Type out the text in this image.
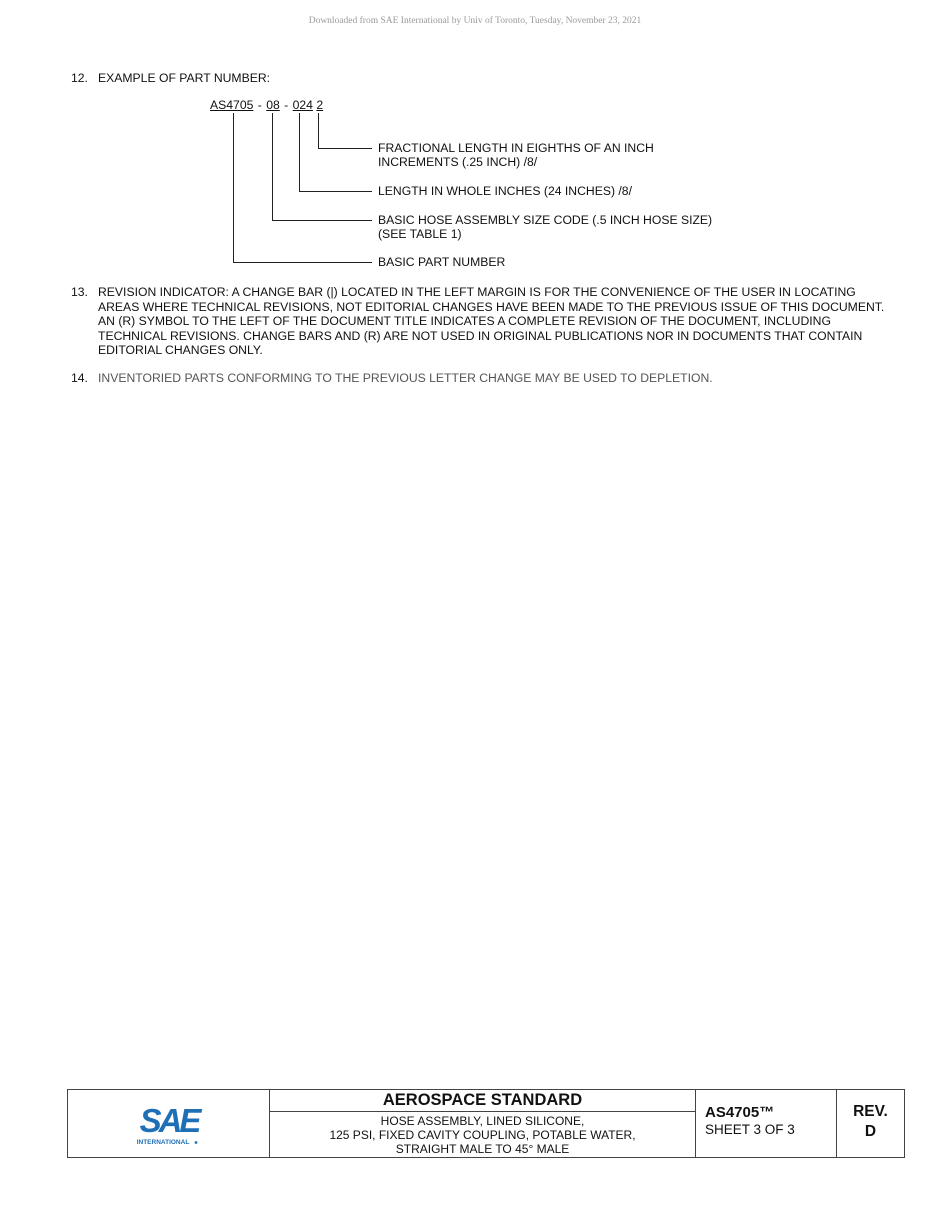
Downloaded from SAE International by Univ of Toronto, Tuesday, November 23, 2021
12. EXAMPLE OF PART NUMBER:
AS4705 - 08 - 024 2
FRACTIONAL LENGTH IN EIGHTHS OF AN INCH
INCREMENTS (.25 INCH) /8/
LENGTH IN WHOLE INCHES (24 INCHES) /8/
BASIC HOSE ASSEMBLY SIZE CODE (.5 INCH HOSE SIZE)
(SEE TABLE 1)
BASIC PART NUMBER
13. REVISION INDICATOR: A CHANGE BAR (|) LOCATED IN THE LEFT MARGIN IS FOR THE CONVENIENCE OF THE USER IN LOCATING AREAS WHERE TECHNICAL REVISIONS, NOT EDITORIAL CHANGES HAVE BEEN MADE TO THE PREVIOUS ISSUE OF THIS DOCUMENT. AN (R) SYMBOL TO THE LEFT OF THE DOCUMENT TITLE INDICATES A COMPLETE REVISION OF THE DOCUMENT, INCLUDING TECHNICAL REVISIONS. CHANGE BARS AND (R) ARE NOT USED IN ORIGINAL PUBLICATIONS NOR IN DOCUMENTS THAT CONTAIN EDITORIAL CHANGES ONLY.
14. INVENTORIED PARTS CONFORMING TO THE PREVIOUS LETTER CHANGE MAY BE USED TO DEPLETION.
SAE
INTERNATIONAL
AEROSPACE STANDARD
HOSE ASSEMBLY, LINED SILICONE,
125 PSI, FIXED CAVITY COUPLING, POTABLE WATER,
STRAIGHT MALE TO 45° MALE
AS4705™
SHEET 3 OF 3
REV.
D
